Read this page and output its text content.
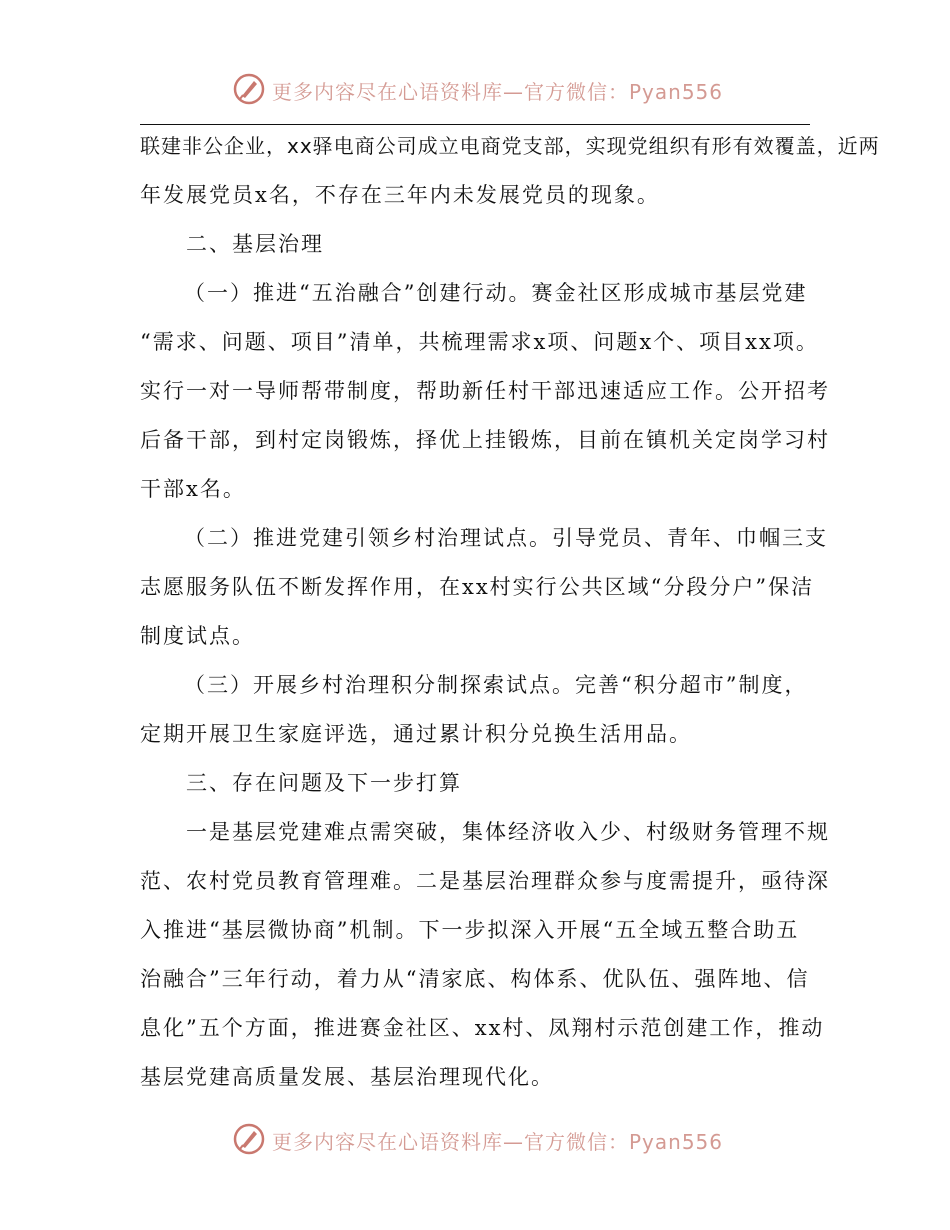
更多内容尽在心语资料库—官方微信：Pyan556

联建非公企业，xx驿电商公司成立电商党支部，实现党组织有形有效覆盖，近两

年发展党员x名，不存在三年内未发展党员的现象。

二、基层治理

（一）推进“五治融合”创建行动。赛金社区形成城市基层党建

“需求、问题、项目”清单，共梳理需求x项、问题x个、项目xx项。

实行一对一导师帮带制度，帮助新任村干部迅速适应工作。公开招考

后备干部，到村定岗锻炼，择优上挂锻炼，目前在镇机关定岗学习村

干部x名。

（二）推进党建引领乡村治理试点。引导党员、青年、巾帼三支

志愿服务队伍不断发挥作用，在xx村实行公共区域“分段分户”保洁

制度试点。

（三）开展乡村治理积分制探索试点。完善“积分超市”制度，

定期开展卫生家庭评选，通过累计积分兑换生活用品。

三、存在问题及下一步打算

一是基层党建难点需突破，集体经济收入少、村级财务管理不规

范、农村党员教育管理难。二是基层治理群众参与度需提升，亟待深

入推进“基层微协商”机制。下一步拟深入开展“五全域五整合助五

治融合”三年行动，着力从“清家底、构体系、优队伍、强阵地、信

息化”五个方面，推进赛金社区、xx村、凤翔村示范创建工作，推动

基层党建高质量发展、基层治理现代化。

更多内容尽在心语资料库—官方微信：Pyan556
